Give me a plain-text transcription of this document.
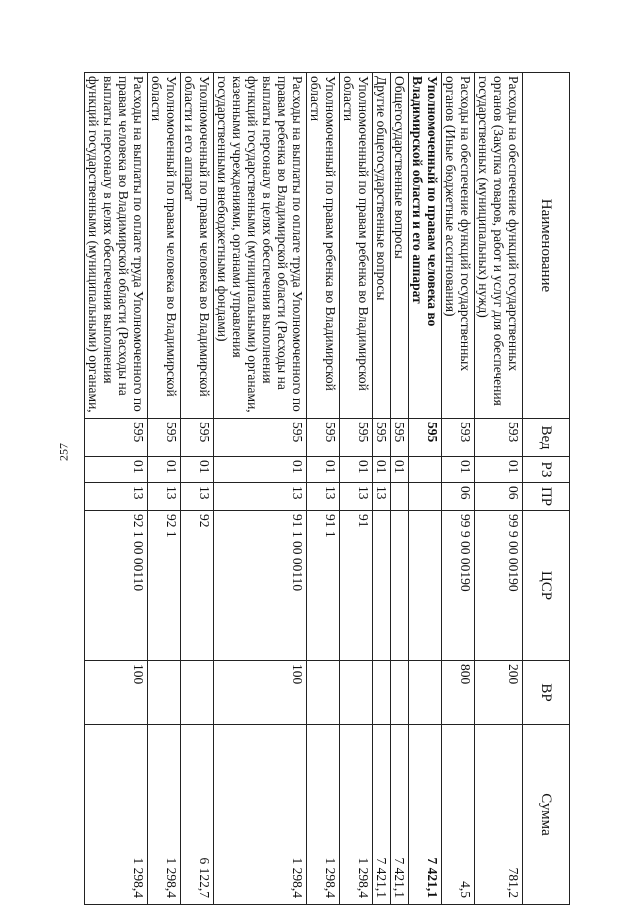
257
Наименование	Вед	РЗ	ПР	ЦСР	ВР	Сумма
Расходы на обеспечение функций государственных органов (Закупка товаров, работ и услуг для обеспечения государственных (муниципальных) нужд)	593	01	06	99 9 00 00190	200	781,2
Расходы на обеспечение функций государственных органов (Иные бюджетные ассигнования)	593	01	06	99 9 00 00190	800	4,5
Уполномоченный по правам человека во Владимирской области и его аппарат	595					7 421,1
Общегосударственные вопросы	595	01				7 421,1
Другие общегосударственные вопросы	595	01	13			7 421,1
Уполномоченный по правам ребенка во Владимирской области	595	01	13	91		1 298,4
Уполномоченный по правам ребенка во Владимирской области	595	01	13	91 1		1 298,4
Расходы на выплаты по оплате труда Уполномоченного по правам ребенка во Владимирской области (Расходы на выплаты персоналу в целях обеспечения выполнения функций государственными (муниципальными) органами, казенными учреждениями, органами управления государственными внебюджетными фондами)	595	01	13	91 1 00 00110	100	1 298,4
Уполномоченный по правам человека во Владимирской области и его аппарат	595	01	13	92		6 122,7
Уполномоченный по правам человека во Владимирской области	595	01	13	92 1		1 298,4
Расходы на выплаты по оплате труда Уполномоченного по правам человека во Владимирской области (Расходы на выплаты персоналу в целях обеспечения выполнения функций государственными (муниципальными) органами,	595	01	13	92 1 00 00110	100	1 298,4
